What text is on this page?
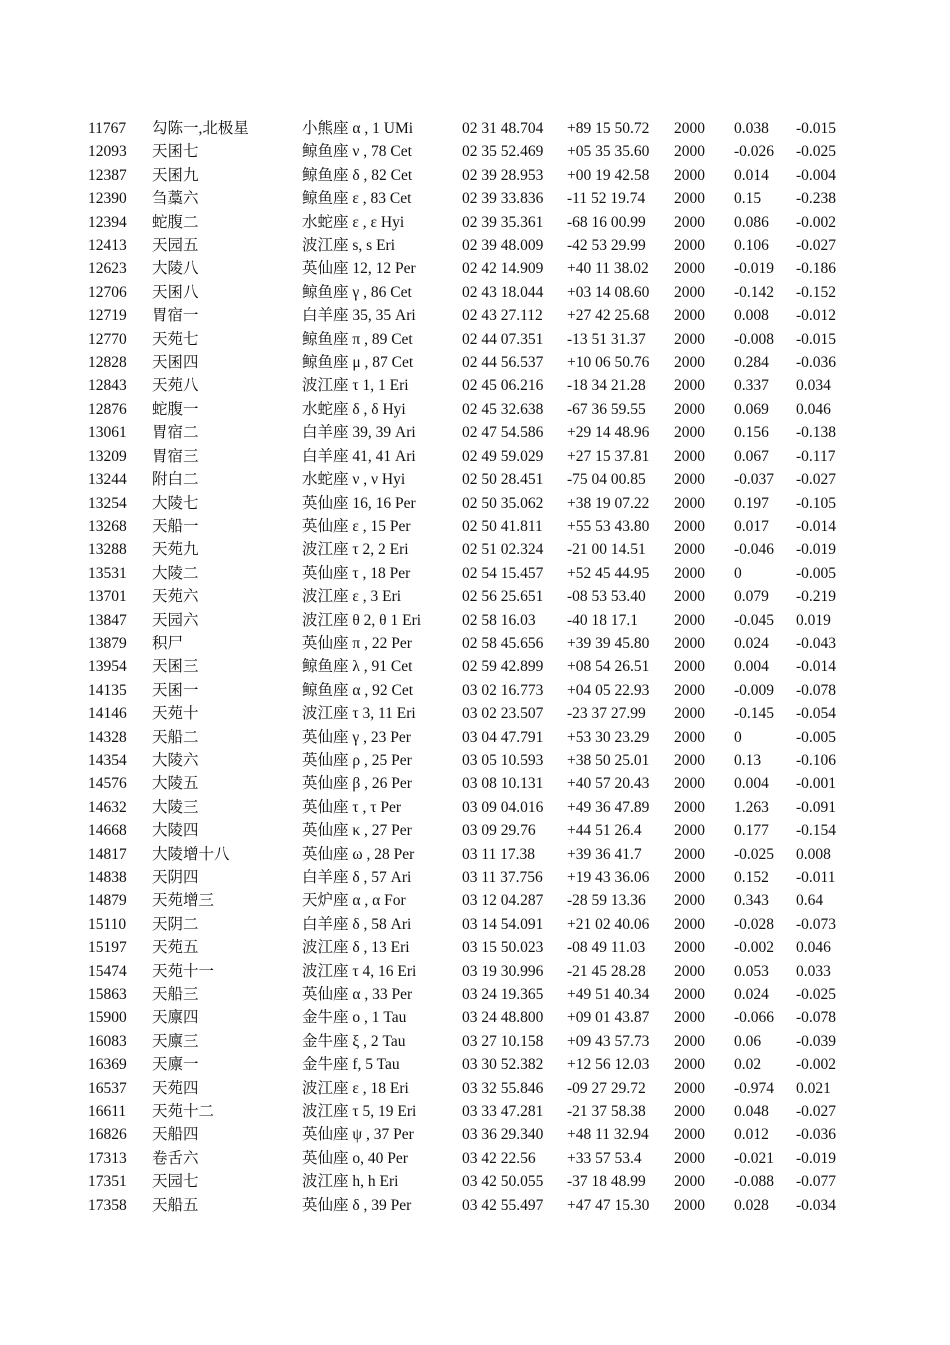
11767	勾陈一,北极星	小熊座 α , 1 UMi	02 31 48.704	+89 15 50.72	2000	0.038	-0.015
12093	天囷七	鲸鱼座 ν , 78 Cet	02 35 52.469	+05 35 35.60	2000	-0.026	-0.025
12387	天囷九	鲸鱼座 δ , 82 Cet	02 39 28.953	+00 19 42.58	2000	0.014	-0.004
12390	刍藁六	鲸鱼座 ε , 83 Cet	02 39 33.836	-11 52 19.74	2000	0.15	-0.238
12394	蛇腹二	水蛇座 ε , ε Hyi	02 39 35.361	-68 16 00.99	2000	0.086	-0.002
12413	天园五	波江座 s, s Eri	02 39 48.009	-42 53 29.99	2000	0.106	-0.027
12623	大陵八	英仙座 12, 12 Per	02 42 14.909	+40 11 38.02	2000	-0.019	-0.186
12706	天囷八	鲸鱼座 γ , 86 Cet	02 43 18.044	+03 14 08.60	2000	-0.142	-0.152
12719	胃宿一	白羊座 35, 35 Ari	02 43 27.112	+27 42 25.68	2000	0.008	-0.012
12770	天苑七	鲸鱼座 π , 89 Cet	02 44 07.351	-13 51 31.37	2000	-0.008	-0.015
12828	天囷四	鲸鱼座 μ , 87 Cet	02 44 56.537	+10 06 50.76	2000	0.284	-0.036
12843	天苑八	波江座 τ 1, 1 Eri	02 45 06.216	-18 34 21.28	2000	0.337	0.034
12876	蛇腹一	水蛇座 δ , δ Hyi	02 45 32.638	-67 36 59.55	2000	0.069	0.046
13061	胃宿二	白羊座 39, 39 Ari	02 47 54.586	+29 14 48.96	2000	0.156	-0.138
13209	胃宿三	白羊座 41, 41 Ari	02 49 59.029	+27 15 37.81	2000	0.067	-0.117
13244	附白二	水蛇座 ν , ν Hyi	02 50 28.451	-75 04 00.85	2000	-0.037	-0.027
13254	大陵七	英仙座 16, 16 Per	02 50 35.062	+38 19 07.22	2000	0.197	-0.105
13268	天船一	英仙座 ε , 15 Per	02 50 41.811	+55 53 43.80	2000	0.017	-0.014
13288	天苑九	波江座 τ 2, 2 Eri	02 51 02.324	-21 00 14.51	2000	-0.046	-0.019
13531	大陵二	英仙座 τ , 18 Per	02 54 15.457	+52 45 44.95	2000	0	-0.005
13701	天苑六	波江座 ε , 3 Eri	02 56 25.651	-08 53 53.40	2000	0.079	-0.219
13847	天园六	波江座 θ 2, θ 1 Eri	02 58 16.03	-40 18 17.1	2000	-0.045	0.019
13879	积尸	英仙座 π , 22 Per	02 58 45.656	+39 39 45.80	2000	0.024	-0.043
13954	天囷三	鲸鱼座 λ , 91 Cet	02 59 42.899	+08 54 26.51	2000	0.004	-0.014
14135	天囷一	鲸鱼座 α , 92 Cet	03 02 16.773	+04 05 22.93	2000	-0.009	-0.078
14146	天苑十	波江座 τ 3, 11 Eri	03 02 23.507	-23 37 27.99	2000	-0.145	-0.054
14328	天船二	英仙座 γ , 23 Per	03 04 47.791	+53 30 23.29	2000	0	-0.005
14354	大陵六	英仙座 ρ , 25 Per	03 05 10.593	+38 50 25.01	2000	0.13	-0.106
14576	大陵五	英仙座 β , 26 Per	03 08 10.131	+40 57 20.43	2000	0.004	-0.001
14632	大陵三	英仙座 τ , τ Per	03 09 04.016	+49 36 47.89	2000	1.263	-0.091
14668	大陵四	英仙座 κ , 27 Per	03 09 29.76	+44 51 26.4	2000	0.177	-0.154
14817	大陵增十八	英仙座 ω , 28 Per	03 11 17.38	+39 36 41.7	2000	-0.025	0.008
14838	天阴四	白羊座 δ , 57 Ari	03 11 37.756	+19 43 36.06	2000	0.152	-0.011
14879	天苑增三	天炉座 α , α For	03 12 04.287	-28 59 13.36	2000	0.343	0.64
15110	天阴二	白羊座 δ , 58 Ari	03 14 54.091	+21 02 40.06	2000	-0.028	-0.073
15197	天苑五	波江座 δ , 13 Eri	03 15 50.023	-08 49 11.03	2000	-0.002	0.046
15474	天苑十一	波江座 τ 4, 16 Eri	03 19 30.996	-21 45 28.28	2000	0.053	0.033
15863	天船三	英仙座 α , 33 Per	03 24 19.365	+49 51 40.34	2000	0.024	-0.025
15900	天廪四	金牛座 ο , 1 Tau	03 24 48.800	+09 01 43.87	2000	-0.066	-0.078
16083	天廪三	金牛座 ξ , 2 Tau	03 27 10.158	+09 43 57.73	2000	0.06	-0.039
16369	天廪一	金牛座 f, 5 Tau	03 30 52.382	+12 56 12.03	2000	0.02	-0.002
16537	天苑四	波江座 ε , 18 Eri	03 32 55.846	-09 27 29.72	2000	-0.974	0.021
16611	天苑十二	波江座 τ 5, 19 Eri	03 33 47.281	-21 37 58.38	2000	0.048	-0.027
16826	天船四	英仙座 ψ , 37 Per	03 36 29.340	+48 11 32.94	2000	0.012	-0.036
17313	卷舌六	英仙座 o, 40 Per	03 42 22.56	+33 57 53.4	2000	-0.021	-0.019
17351	天园七	波江座 h, h Eri	03 42 50.055	-37 18 48.99	2000	-0.088	-0.077
17358	天船五	英仙座 δ , 39 Per	03 42 55.497	+47 47 15.30	2000	0.028	-0.034
